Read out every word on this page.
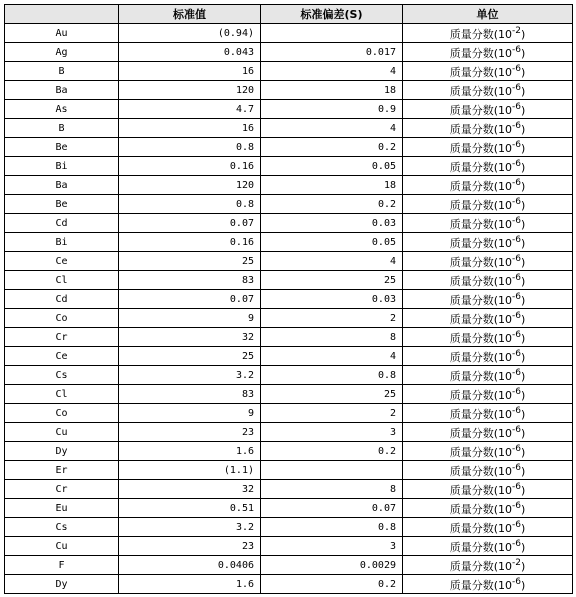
	标准值	标准偏差(S)	单位
Au	(0.94)		质量分数$(10^{-2})$
Ag	0.043	0.017	质量分数$(10^{-6})$
B	16	4	质量分数$(10^{-6})$
Ba	120	18	质量分数$(10^{-6})$
As	4.7	0.9	质量分数$(10^{-6})$
B	16	4	质量分数$(10^{-6})$
Be	0.8	0.2	质量分数$(10^{-6})$
Bi	0.16	0.05	质量分数$(10^{-6})$
Ba	120	18	质量分数$(10^{-6})$
Be	0.8	0.2	质量分数$(10^{-6})$
Cd	0.07	0.03	质量分数$(10^{-6})$
Bi	0.16	0.05	质量分数$(10^{-6})$
Ce	25	4	质量分数$(10^{-6})$
Cl	83	25	质量分数$(10^{-6})$
Cd	0.07	0.03	质量分数$(10^{-6})$
Co	9	2	质量分数$(10^{-6})$
Cr	32	8	质量分数$(10^{-6})$
Ce	25	4	质量分数$(10^{-6})$
Cs	3.2	0.8	质量分数$(10^{-6})$
Cl	83	25	质量分数$(10^{-6})$
Co	9	2	质量分数$(10^{-6})$
Cu	23	3	质量分数$(10^{-6})$
Dy	1.6	0.2	质量分数$(10^{-6})$
Er	(1.1)		质量分数$(10^{-6})$
Cr	32	8	质量分数$(10^{-6})$
Eu	0.51	0.07	质量分数$(10^{-6})$
Cs	3.2	0.8	质量分数$(10^{-6})$
Cu	23	3	质量分数$(10^{-6})$
F	0.0406	0.0029	质量分数$(10^{-2})$
Dy	1.6	0.2	质量分数$(10^{-6})$
